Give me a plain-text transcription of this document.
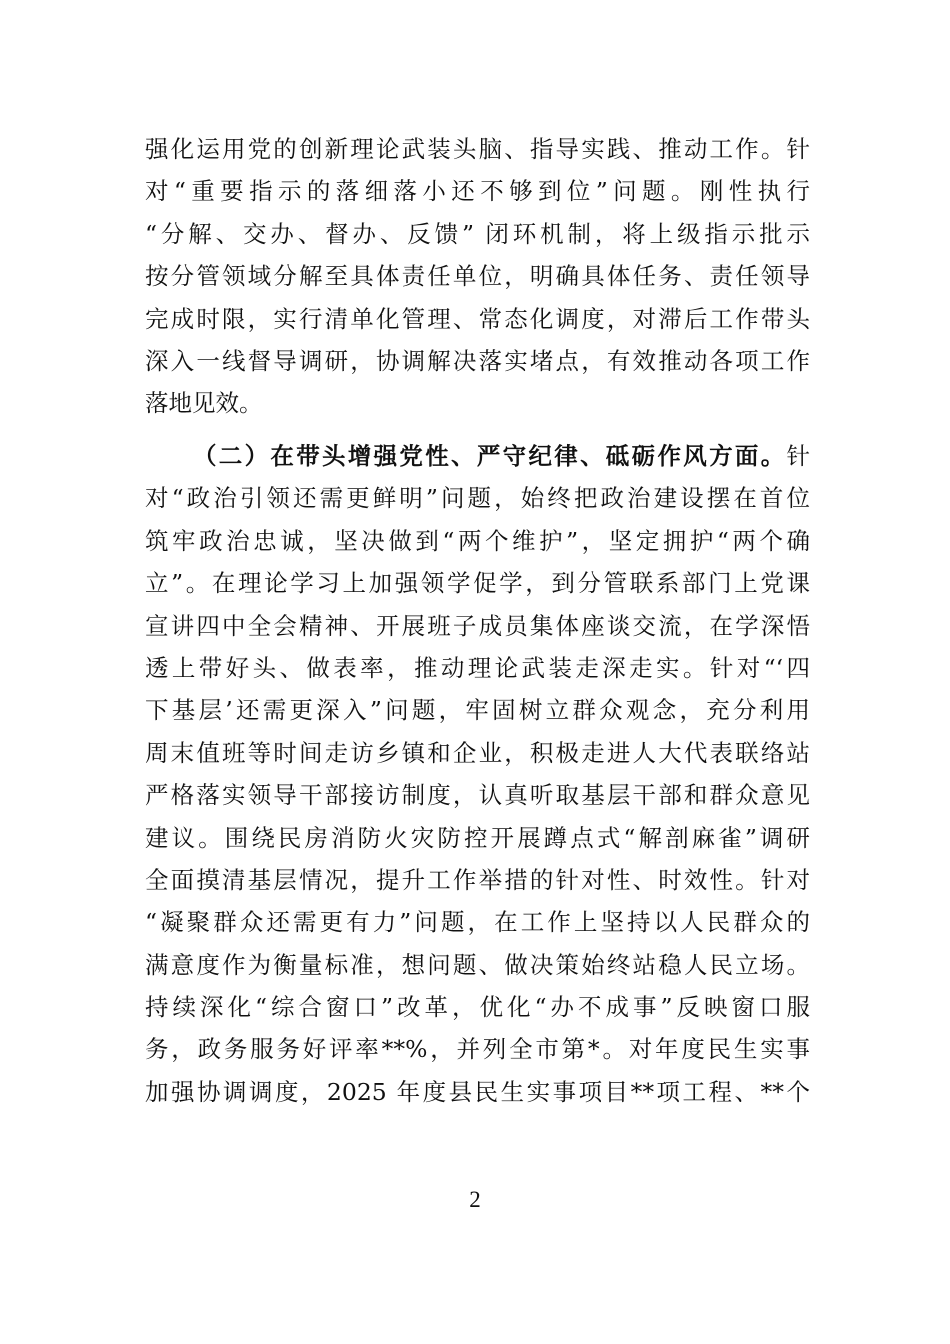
强化运用党的创新理论武装头脑、指导实践、推动工作。针
对“重要指示的落细落小还不够到位”问题。刚性执行
“分解、交办、督办、反馈” 闭环机制，将上级指示批示
按分管领域分解至具体责任单位，明确具体任务、责任领导
完成时限，实行清单化管理、常态化调度，对滞后工作带头
深入一线督导调研，协调解决落实堵点，有效推动各项工作
落地见效。
（二）在带头增强党性、严守纪律、砥砺作风方面。针
对“政治引领还需更鲜明”问题，始终把政治建设摆在首位
筑牢政治忠诚，坚决做到“两个维护”，坚定拥护“两个确
立”。在理论学习上加强领学促学，到分管联系部门上党课
宣讲四中全会精神、开展班子成员集体座谈交流，在学深悟
透上带好头、做表率，推动理论武装走深走实。针对“‘四
下基层’还需更深入”问题，牢固树立群众观念，充分利用
周末值班等时间走访乡镇和企业，积极走进人大代表联络站
严格落实领导干部接访制度，认真听取基层干部和群众意见
建议。围绕民房消防火灾防控开展蹲点式“解剖麻雀”调研
全面摸清基层情况，提升工作举措的针对性、时效性。针对
“凝聚群众还需更有力”问题，在工作上坚持以人民群众的
满意度作为衡量标准，想问题、做决策始终站稳人民立场。
持续深化“综合窗口”改革，优化“办不成事”反映窗口服
务，政务服务好评率**%，并列全市第*。对年度民生实事
加强协调调度，2025 年度县民生实事项目**项工程、**个
2
